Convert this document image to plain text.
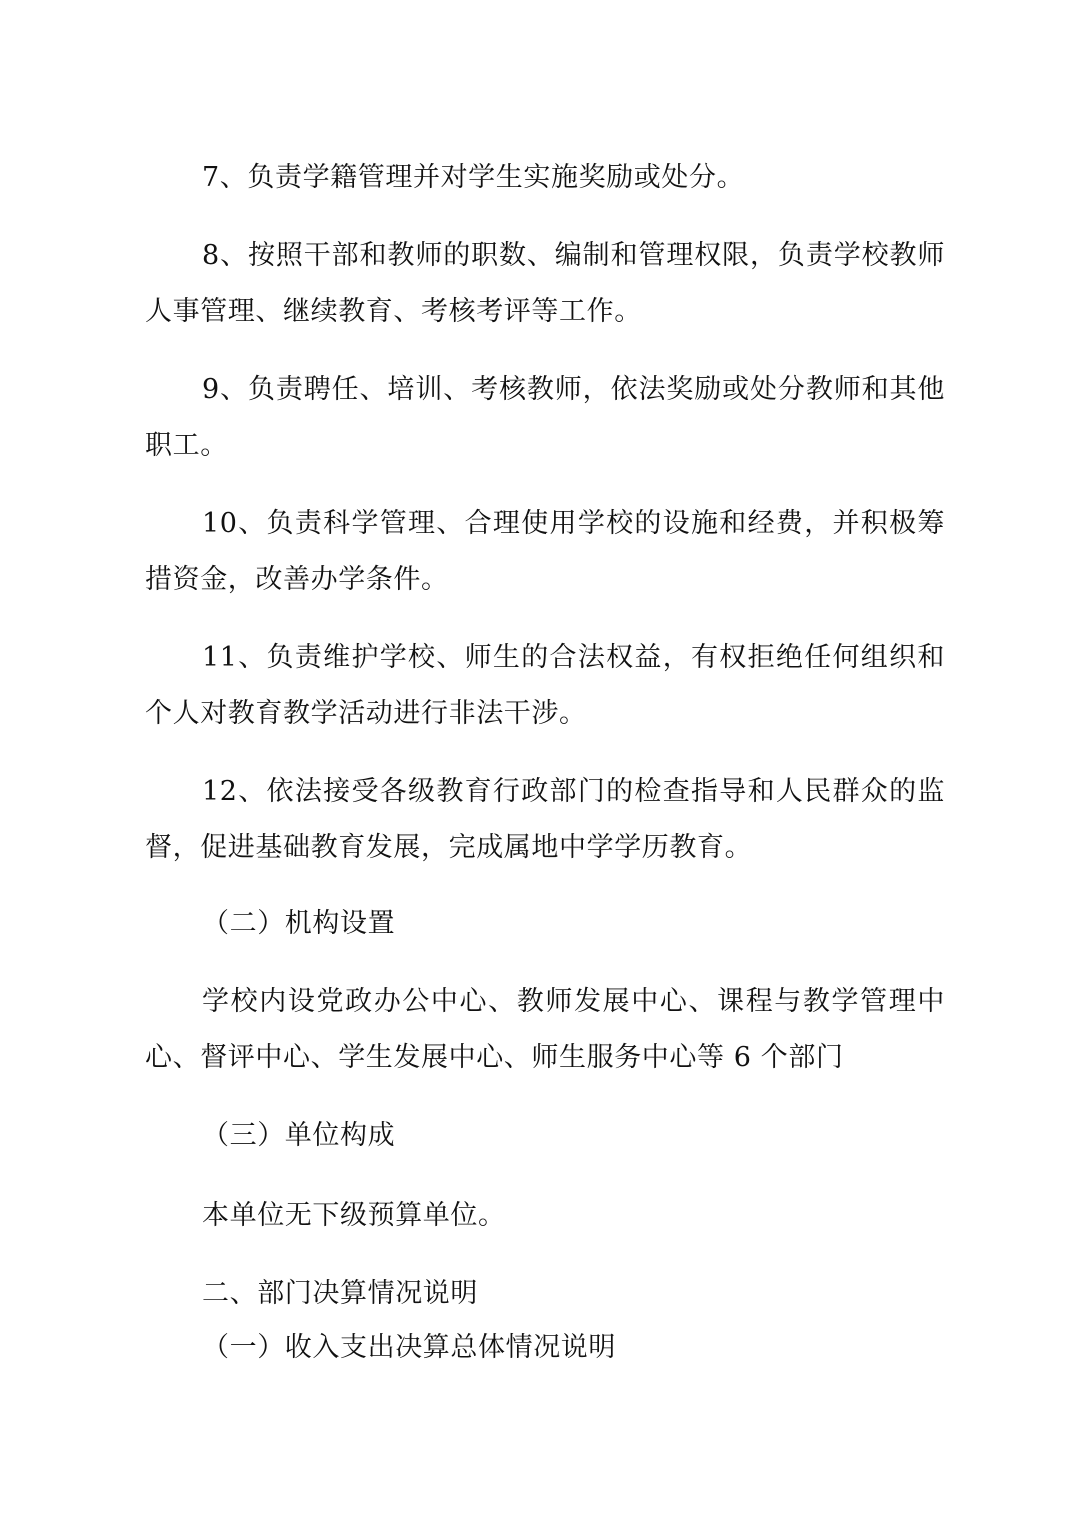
7、负责学籍管理并对学生实施奖励或处分。

8、按照干部和教师的职数、编制和管理权限，负责学校教师人事管理、继续教育、考核考评等工作。

9、负责聘任、培训、考核教师，依法奖励或处分教师和其他职工。

10、负责科学管理、合理使用学校的设施和经费，并积极筹措资金，改善办学条件。

11、负责维护学校、师生的合法权益，有权拒绝任何组织和个人对教育教学活动进行非法干涉。

12、依法接受各级教育行政部门的检查指导和人民群众的监督，促进基础教育发展，完成属地中学学历教育。

（二）机构设置

学校内设党政办公中心、教师发展中心、课程与教学管理中心、督评中心、学生发展中心、师生服务中心等 6 个部门

（三）单位构成

本单位无下级预算单位。

二、部门决算情况说明

（一）收入支出决算总体情况说明
